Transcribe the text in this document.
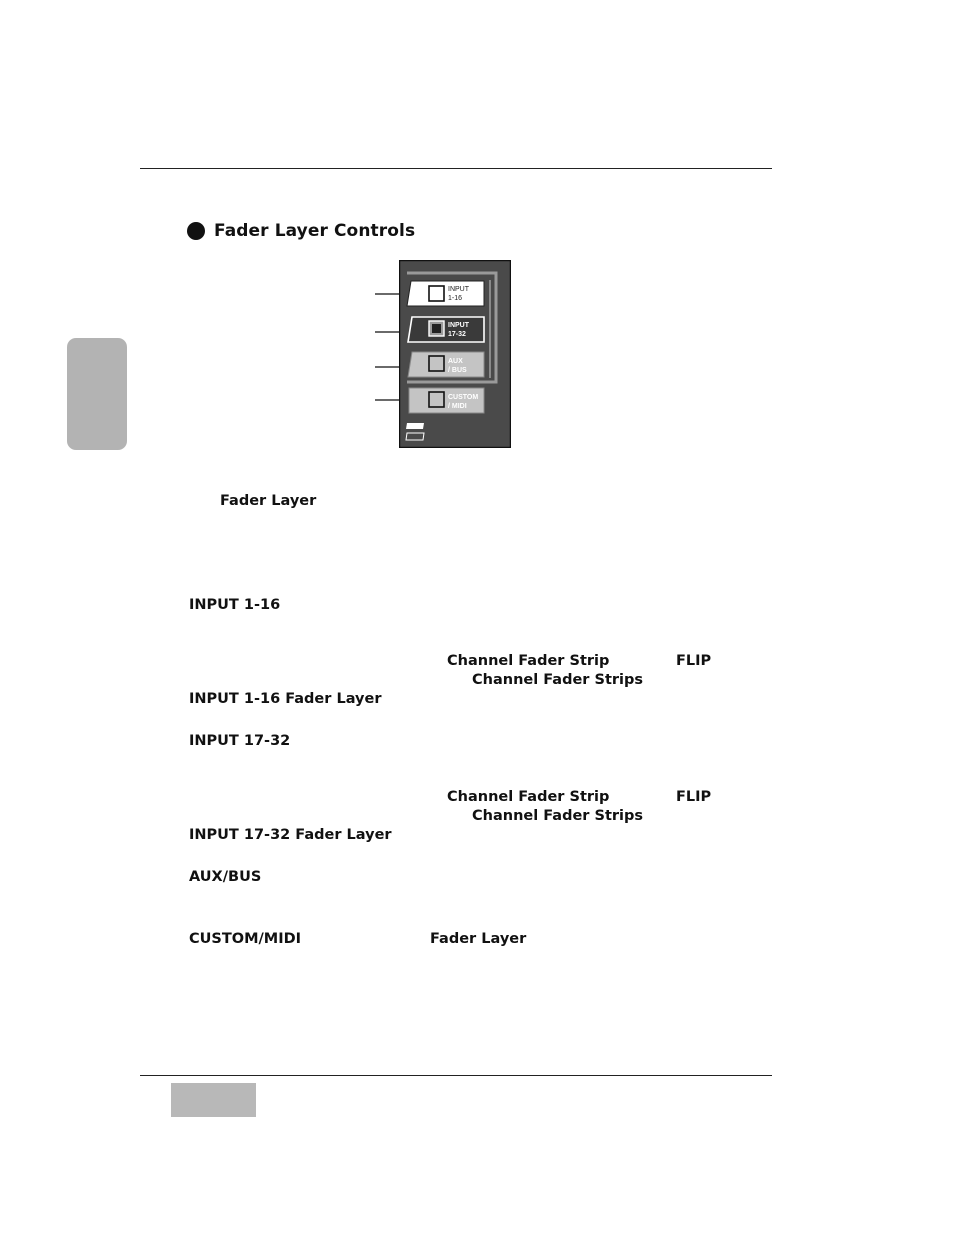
Fader Layer Controls
INPUT
1-16
INPUT
17-32
AUX
/ BUS
CUSTOM
/ MIDI
Fader Layer
INPUT 1-16
Channel Fader Strip	FLIP
Channel Fader Strips
INPUT 1-16 Fader Layer
INPUT 17-32
Channel Fader Strip	FLIP
Channel Fader Strips
INPUT 17-32 Fader Layer
AUX/BUS
CUSTOM/MIDI	Fader Layer
